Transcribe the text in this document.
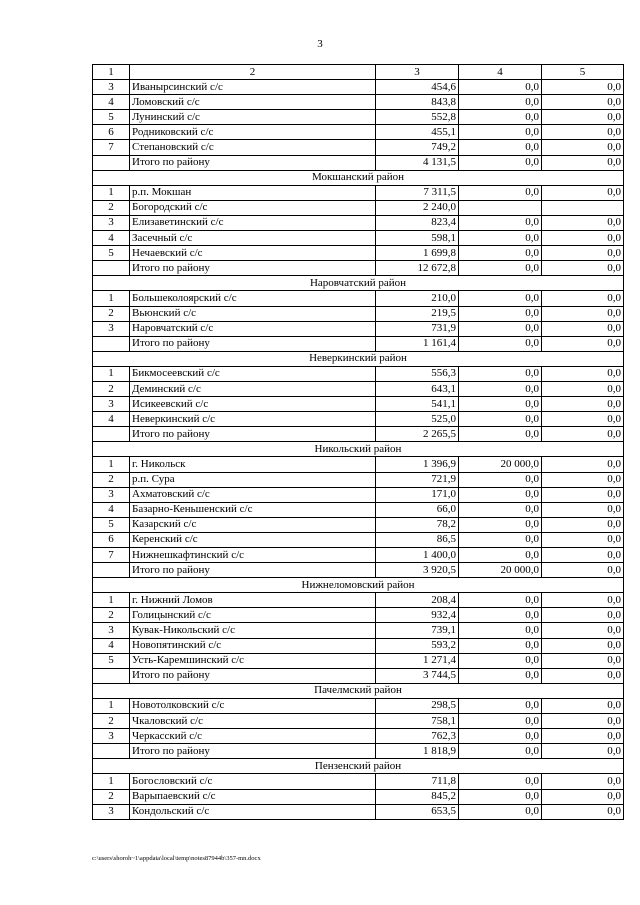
3
1	2	3	4	5
3	Иванырсинский с/с	454,6	0,0	0,0
4	Ломовский с/с	843,8	0,0	0,0
5	Лунинский с/с	552,8	0,0	0,0
6	Родниковский с/с	455,1	0,0	0,0
7	Степановский с/с	749,2	0,0	0,0
	Итого по району	4 131,5	0,0	0,0
Мокшанский район				
1	р.п. Мокшан	7 311,5	0,0	0,0
2	Богородский с/с	2 240,0		
3	Елизаветинский с/с	823,4	0,0	0,0
4	Засечный с/с	598,1	0,0	0,0
5	Нечаевский с/с	1 699,8	0,0	0,0
	Итого по району	12 672,8	0,0	0,0
Наровчатский район				
1	Большеколоярский с/с	210,0	0,0	0,0
2	Вьюнский с/с	219,5	0,0	0,0
3	Наровчатский с/с	731,9	0,0	0,0
	Итого по району	1 161,4	0,0	0,0
Неверкинский район				
1	Бикмосеевский с/с	556,3	0,0	0,0
2	Деминский с/с	643,1	0,0	0,0
3	Исикеевский с/с	541,1	0,0	0,0
4	Неверкинский с/с	525,0	0,0	0,0
	Итого по району	2 265,5	0,0	0,0
Никольский район				
1	г. Никольск	1 396,9	20 000,0	0,0
2	р.п. Сура	721,9	0,0	0,0
3	Ахматовский с/с	171,0	0,0	0,0
4	Базарно-Кеньшенский с/с	66,0	0,0	0,0
5	Казарский с/с	78,2	0,0	0,0
6	Керенский с/с	86,5	0,0	0,0
7	Нижнешкафтинский с/с	1 400,0	0,0	0,0
	Итого по району	3 920,5	20 000,0	0,0
Нижнеломовский район				
1	г. Нижний Ломов	208,4	0,0	0,0
2	Голицынский с/с	932,4	0,0	0,0
3	Кувак-Никольский с/с	739,1	0,0	0,0
4	Новопятинский с/с	593,2	0,0	0,0
5	Усть-Каремшинский с/с	1 271,4	0,0	0,0
	Итого по району	3 744,5	0,0	0,0
Пачелмский район				
1	Новотолковский с/с	298,5	0,0	0,0
2	Чкаловский с/с	758,1	0,0	0,0
3	Черкасский с/с	762,3	0,0	0,0
	Итого по району	1 818,9	0,0	0,0
Пензенский район				
1	Богословский с/с	711,8	0,0	0,0
2	Варыпаевский с/с	845,2	0,0	0,0
3	Кондольский с/с	653,5	0,0	0,0
c:\users\shoroh~1\appdata\local\temp\notes87944b\357-mn.docx
